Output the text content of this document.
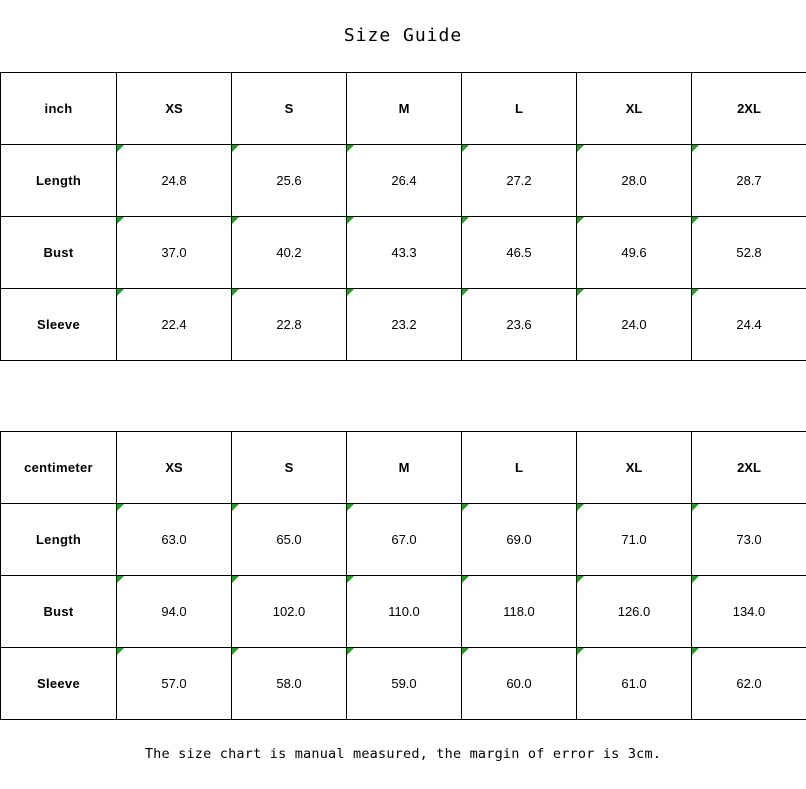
Size Guide
inch	XS	S	M	L	XL	2XL
Length	24.8	25.6	26.4	27.2	28.0	28.7
Bust	37.0	40.2	43.3	46.5	49.6	52.8
Sleeve	22.4	22.8	23.2	23.6	24.0	24.4
centimeter	XS	S	M	L	XL	2XL
Length	63.0	65.0	67.0	69.0	71.0	73.0
Bust	94.0	102.0	110.0	118.0	126.0	134.0
Sleeve	57.0	58.0	59.0	60.0	61.0	62.0
The size chart is manual measured, the margin of error is 3cm.
